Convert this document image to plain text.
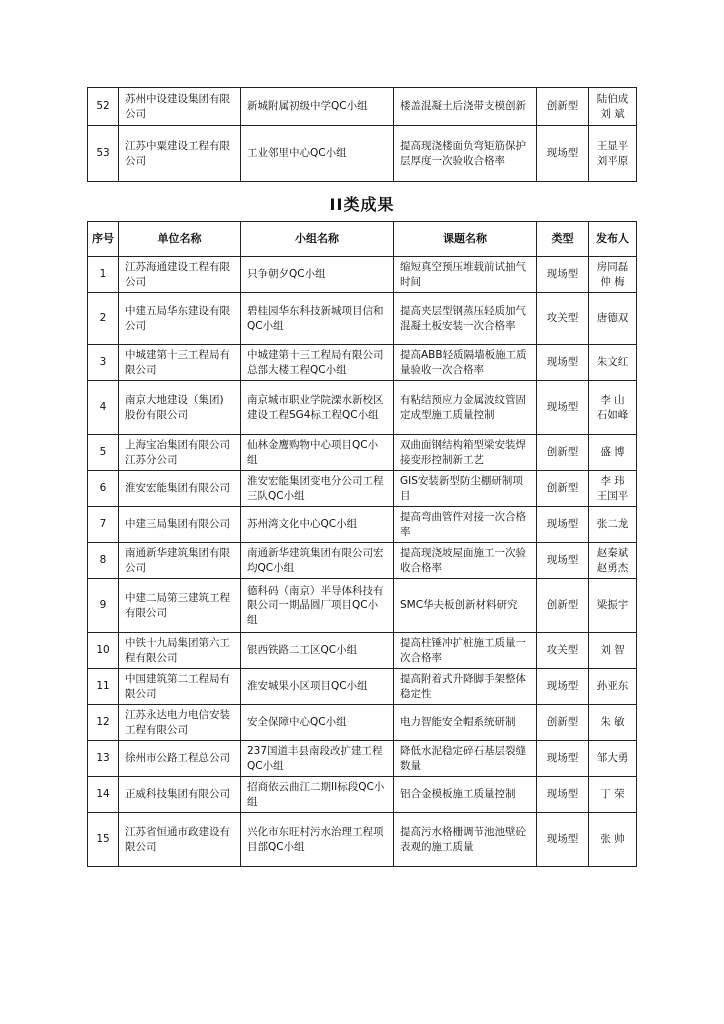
52	苏州中设建设集团有限公司	新城附属初级中学QC小组	楼盖混凝土后浇带支模创新	创新型	陆伯成 刘 斌
53	江苏中粟建设工程有限公司	工业邻里中心QC小组	提高现浇楼面负弯矩筋保护层厚度一次验收合格率	现场型	王显平 刘平原
II类成果
序号	单位名称	小组名称	课题名称	类型	发布人
1	江苏海通建设工程有限公司	只争朝夕QC小组	缩短真空预压堆载前试抽气时间	现场型	房同磊 仲 梅
2	中建五局华东建设有限公司	碧桂园华东科技新城项目信和QC小组	提高夹层型钢蒸压轻质加气混凝土板安装一次合格率	攻关型	唐德双
3	中城建第十三工程局有限公司	中城建第十三工程局有限公司总部大楼工程QC小组	提高ABB轻质隔墙板施工质量验收一次合格率	现场型	朱文红
4	南京大地建设（集团)股份有限公司	南京城市职业学院溧水新校区建设工程SG4标工程QC小组	有粘结预应力金属波纹管固定成型施工质量控制	现场型	李 山 石如峰
5	上海宝冶集团有限公司江苏分公司	仙林金鹰购物中心项目QC小组	双曲面钢结构箱型梁安装焊接变形控制新工艺	创新型	盛 博
6	淮安宏能集团有限公司	淮安宏能集团变电分公司工程三队QC小组	GIS安装新型防尘棚研制项目	创新型	李 玮 王国平
7	中建三局集团有限公司	苏州湾文化中心QC小组	提高弯曲管件对接一次合格率	现场型	张二龙
8	南通新华建筑集团有限公司	南通新华建筑集团有限公司宏均QC小组	提高现浇坡屋面施工一次验收合格率	现场型	赵秦斌 赵勇杰
9	中建二局第三建筑工程有限公司	德科码（南京）半导体科技有限公司一期晶圆厂项目QC小组	SMC华夫板创新材料研究	创新型	梁振宇
10	中铁十九局集团第六工程有限公司	银西铁路二工区QC小组	提高柱锤冲扩桩施工质量一次合格率	攻关型	刘 智
11	中国建筑第二工程局有限公司	淮安城果小区项目QC小组	提高附着式升降脚手架整体稳定性	现场型	孙亚东
12	江苏永达电力电信安装工程有限公司	安全保障中心QC小组	电力智能安全帽系统研制	创新型	朱 敏
13	徐州市公路工程总公司	237国道丰县南段改扩建工程QC小组	降低水泥稳定碎石基层裂缝数量	现场型	邹大勇
14	正威科技集团有限公司	招商依云曲江二期II标段QC小组	铝合金模板施工质量控制	现场型	丁 荣
15	江苏省恒通市政建设有限公司	兴化市东旺村污水治理工程项目部QC小组	提高污水格栅调节池池壁砼表观的施工质量	现场型	张 帅
